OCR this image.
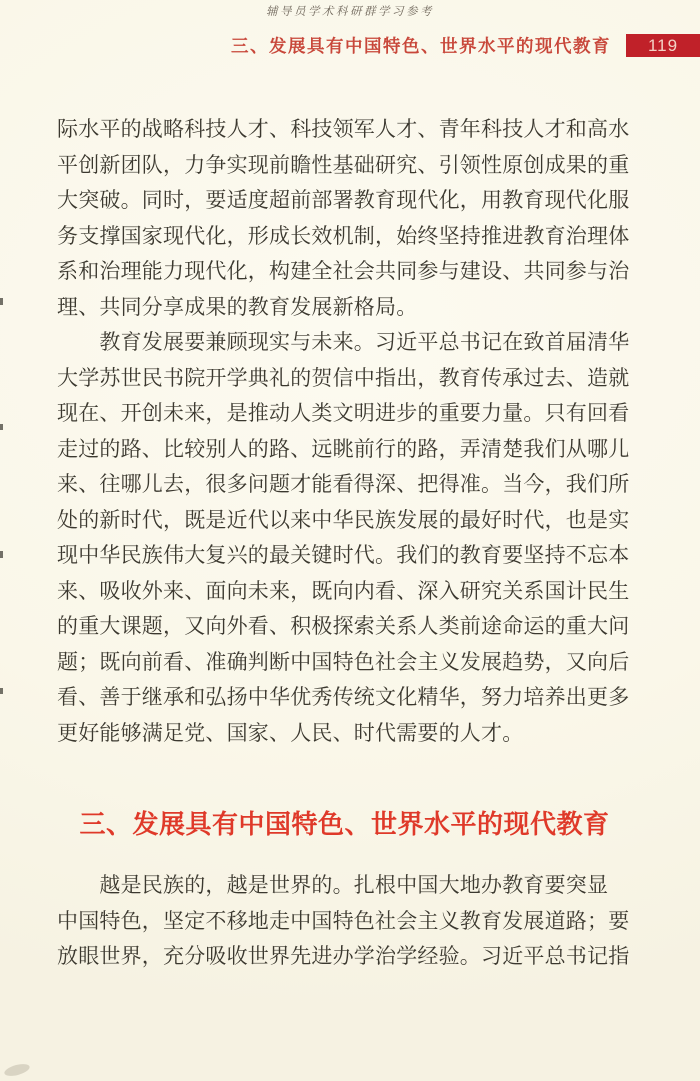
辅导员学术科研群学习参考
三、发展具有中国特色、世界水平的现代教育 119
际水平的战略科技人才、科技领军人才、青年科技人才和高水
平创新团队，力争实现前瞻性基础研究、引领性原创成果的重
大突破。同时，要适度超前部署教育现代化，用教育现代化服
务支撑国家现代化，形成长效机制，始终坚持推进教育治理体
系和治理能力现代化，构建全社会共同参与建设、共同参与治
理、共同分享成果的教育发展新格局。
　　教育发展要兼顾现实与未来。习近平总书记在致首届清华
大学苏世民书院开学典礼的贺信中指出，教育传承过去、造就
现在、开创未来，是推动人类文明进步的重要力量。只有回看
走过的路、比较别人的路、远眺前行的路，弄清楚我们从哪儿
来、往哪儿去，很多问题才能看得深、把得准。当今，我们所
处的新时代，既是近代以来中华民族发展的最好时代，也是实
现中华民族伟大复兴的最关键时代。我们的教育要坚持不忘本
来、吸收外来、面向未来，既向内看、深入研究关系国计民生
的重大课题，又向外看、积极探索关系人类前途命运的重大问
题；既向前看、准确判断中国特色社会主义发展趋势，又向后
看、善于继承和弘扬中华优秀传统文化精华，努力培养出更多
更好能够满足党、国家、人民、时代需要的人才。
三、发展具有中国特色、世界水平的现代教育
　　越是民族的，越是世界的。扎根中国大地办教育要突显
中国特色，坚定不移地走中国特色社会主义教育发展道路；要
放眼世界，充分吸收世界先进办学治学经验。习近平总书记指
